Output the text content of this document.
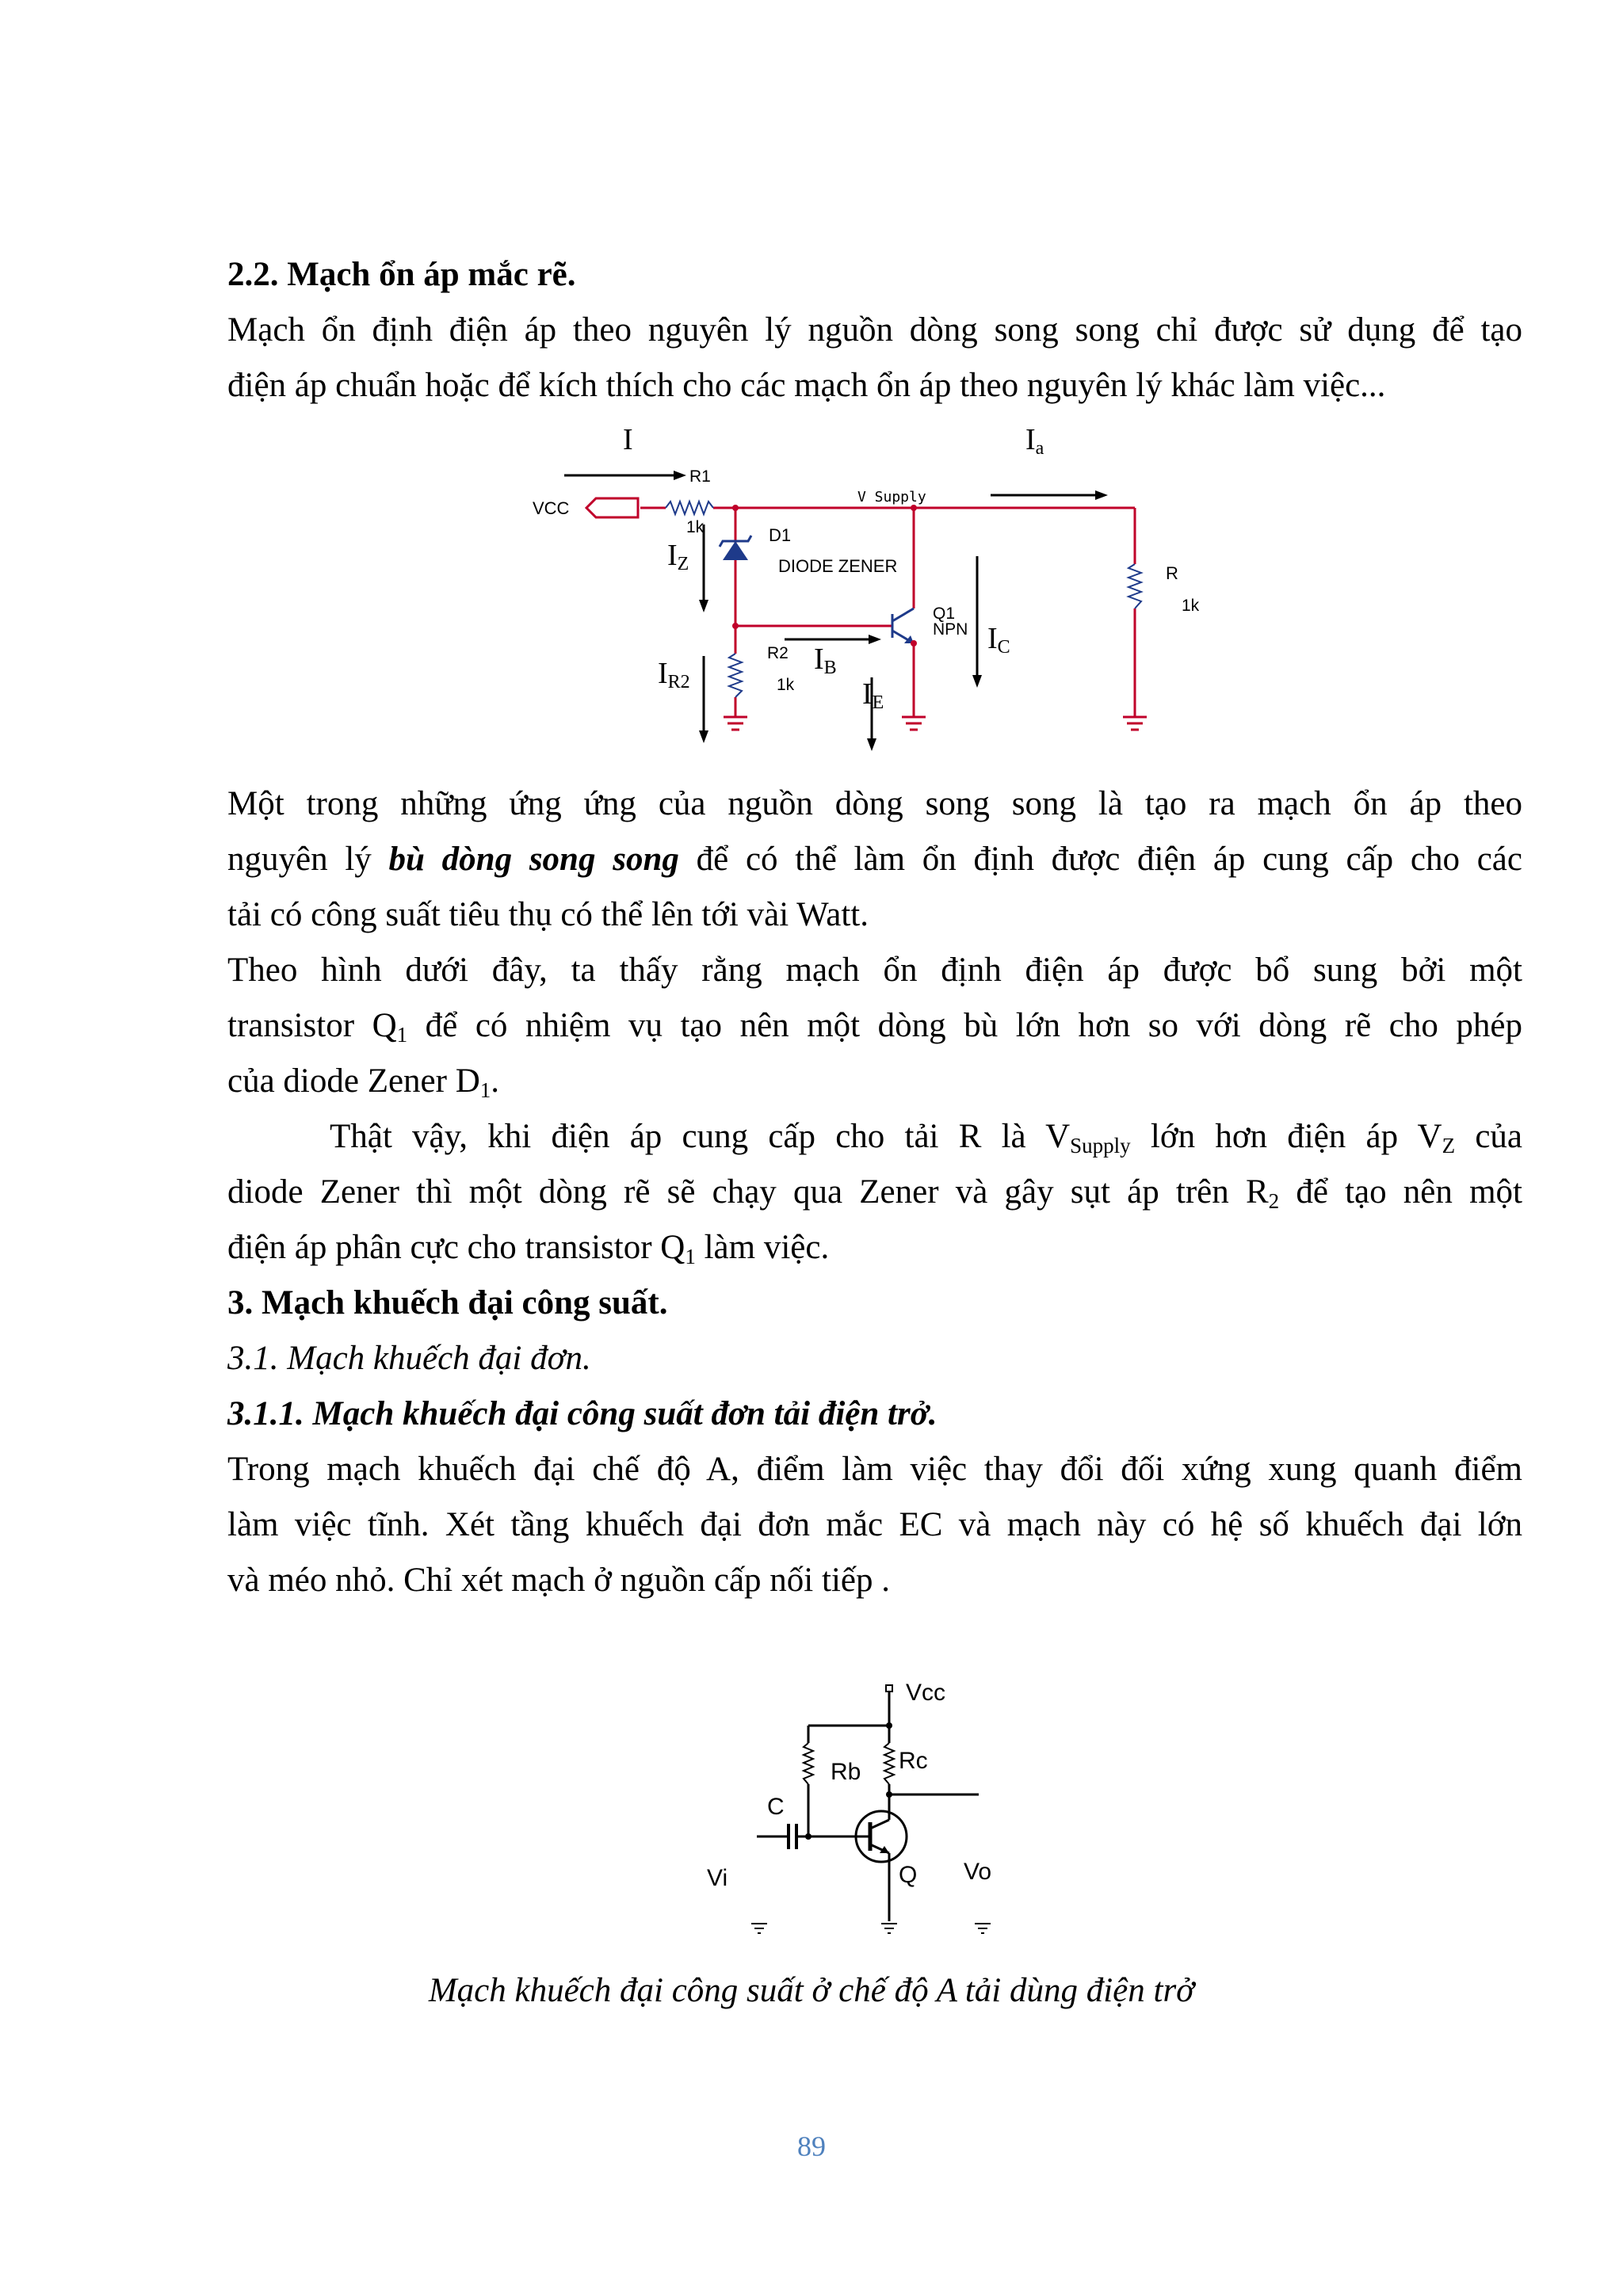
2.2. Mạch ổn áp mắc rẽ.

Mạch ổn định điện áp theo nguyên lý nguồn dòng song song chỉ được sử dụng để tạo

điện áp chuẩn hoặc để kích thích cho các mạch ổn áp theo nguyên lý khác làm việc...

I	Ia
R1
1k
VCC
V Supply
D1
DIODE ZENER
IZ
Q1
NPN IC
R2
1k
IB
IR2	IE
R
1k

Một trong những ứng ứng của nguồn dòng song song là tạo ra mạch ổn áp theo

nguyên lý bù dòng song song để có thể làm ổn định được điện áp cung cấp cho các

tải có công suất tiêu thụ có thể lên tới vài Watt.

Theo hình dưới đây, ta thấy rằng mạch ổn định điện áp được bổ sung bởi một

transistor $Q_1$ để có nhiệm vụ tạo nên một dòng bù lớn hơn so với dòng rẽ cho phép

của diode Zener $D_1$.

Thật vậy, khi điện áp cung cấp cho tải R là $V_{Supply}$ lớn hơn điện áp $V_Z$ của

diode Zener thì một dòng rẽ sẽ chạy qua Zener và gây sụt áp trên $R_2$ để tạo nên một

điện áp phân cực cho transistor $Q_1$ làm việc.

3. Mạch khuếch đại công suất.

3.1. Mạch khuếch đại đơn.

3.1.1. Mạch khuếch đại công suất đơn tải điện trở.

Trong mạch khuếch đại chế độ A, điểm làm việc thay đổi đối xứng xung quanh điểm

làm việc tĩnh. Xét tầng khuếch đại đơn mắc EC và mạch này có hệ số khuếch đại lớn

và méo nhỏ. Chỉ xét mạch ở nguồn cấp nối tiếp .

Vcc
Rb Rc
C
Vi	Q Vo
Mạch khuếch đại công suất ở chế độ A tải dùng điện trở
89
